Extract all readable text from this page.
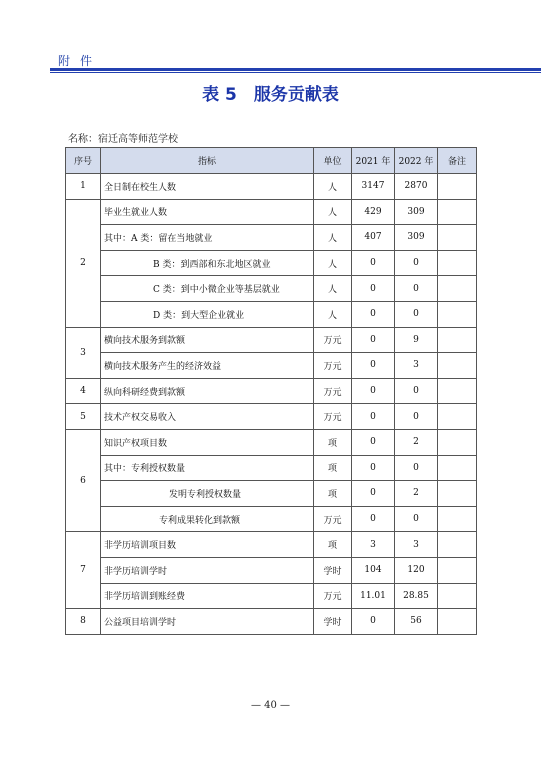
附件
表 5　服务贡献表
名称：宿迁高等师范学校
序号	指标	单位	2021 年	2022 年	备注
1	全日制在校生人数	人	3147	2870	
2	毕业生就业人数	人	429	309	
	其中：A 类：留在当地就业	人	407	309	
	B 类：到西部和东北地区就业	人	0	0	
	C 类：到中小微企业等基层就业	人	0	0	
	D 类：到大型企业就业	人	0	0	
3	横向技术服务到款额	万元	0	9	
	横向技术服务产生的经济效益	万元	0	3	
4	纵向科研经费到款额	万元	0	0	
5	技术产权交易收入	万元	0	0	
6	知识产权项目数	项	0	2	
	其中：专利授权数量	项	0	0	
	发明专利授权数量	项	0	2	
	专利成果转化到款额	万元	0	0	
7	非学历培训项目数	项	3	3	
	非学历培训学时	学时	104	120	
	非学历培训到账经费	万元	11.01	28.85	
8	公益项目培训学时	学时	0	56	
— 40 —
